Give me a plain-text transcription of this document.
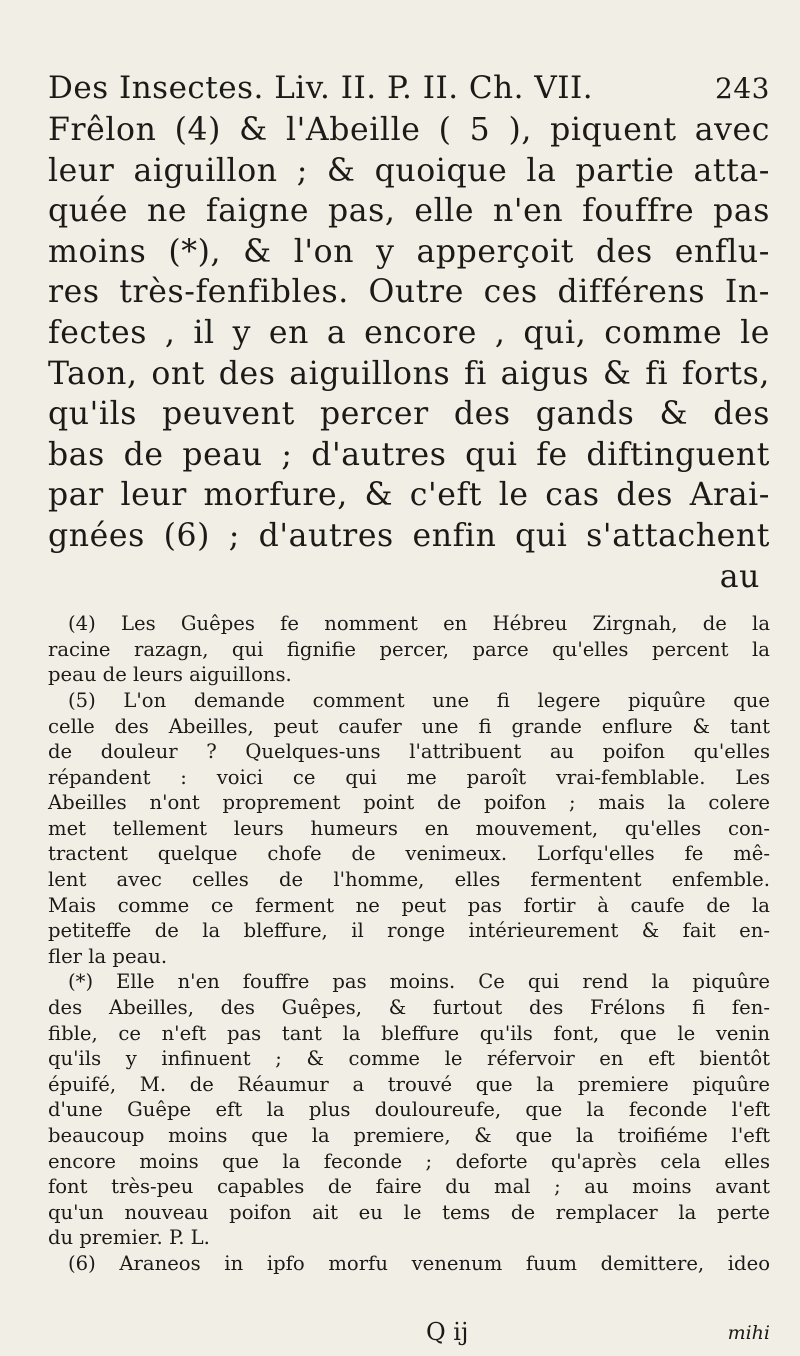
Des Insectes. Liv. II. P. II. Ch. VII.	243
Frêlon (4) & l'Abeille ( 5 ), piquent avec
leur aiguillon ; & quoique la partie atta-
quée ne faigne pas, elle n'en fouffre pas
moins (*), & l'on y apperçoit des enflu-
res très-fenfibles. Outre ces différens In-
fectes , il y en a encore , qui, comme le
Taon, ont des aiguillons fi aigus & fi forts,
qu'ils peuvent percer des gands & des
bas de peau ; d'autres qui fe diftinguent
par leur morfure, & c'eft le cas des Arai-
gnées (6) ; d'autres enfin qui s'attachent
au
(4) Les Guêpes fe nomment en Hébreu Zirgnah, de la
racine razagn, qui fignifie percer, parce qu'elles percent la
peau de leurs aiguillons.
(5) L'on demande comment une fi legere piquûre que
celle des Abeilles, peut caufer une fi grande enflure & tant
de douleur ? Quelques-uns l'attribuent au poifon qu'elles
répandent : voici ce qui me paroît vrai-femblable. Les
Abeilles n'ont proprement point de poifon ; mais la colere
met tellement leurs humeurs en mouvement, qu'elles con-
tractent quelque chofe de venimeux. Lorfqu'elles fe mê-
lent avec celles de l'homme, elles fermentent enfemble.
Mais comme ce ferment ne peut pas fortir à caufe de la
petiteffe de la bleffure, il ronge intérieurement & fait en-
fler la peau.
(*) Elle n'en fouffre pas moins. Ce qui rend la piquûre
des Abeilles, des Guêpes, & furtout des Frélons fi fen-
fible, ce n'eft pas tant la bleffure qu'ils font, que le venin
qu'ils y infinuent ; & comme le réfervoir en eft bientôt
épuifé, M. de Réaumur a trouvé que la premiere piquûre
d'une Guêpe eft la plus douloureufe, que la feconde l'eft
beaucoup moins que la premiere, & que la troifiéme l'eft
encore moins que la feconde ; deforte qu'après cela elles
font très-peu capables de faire du mal ; au moins avant
qu'un nouveau poifon ait eu le tems de remplacer la perte
du premier. P. L.
(6) Araneos in ipfo morfu venenum fuum demittere, ideo
Q ij	mihi
